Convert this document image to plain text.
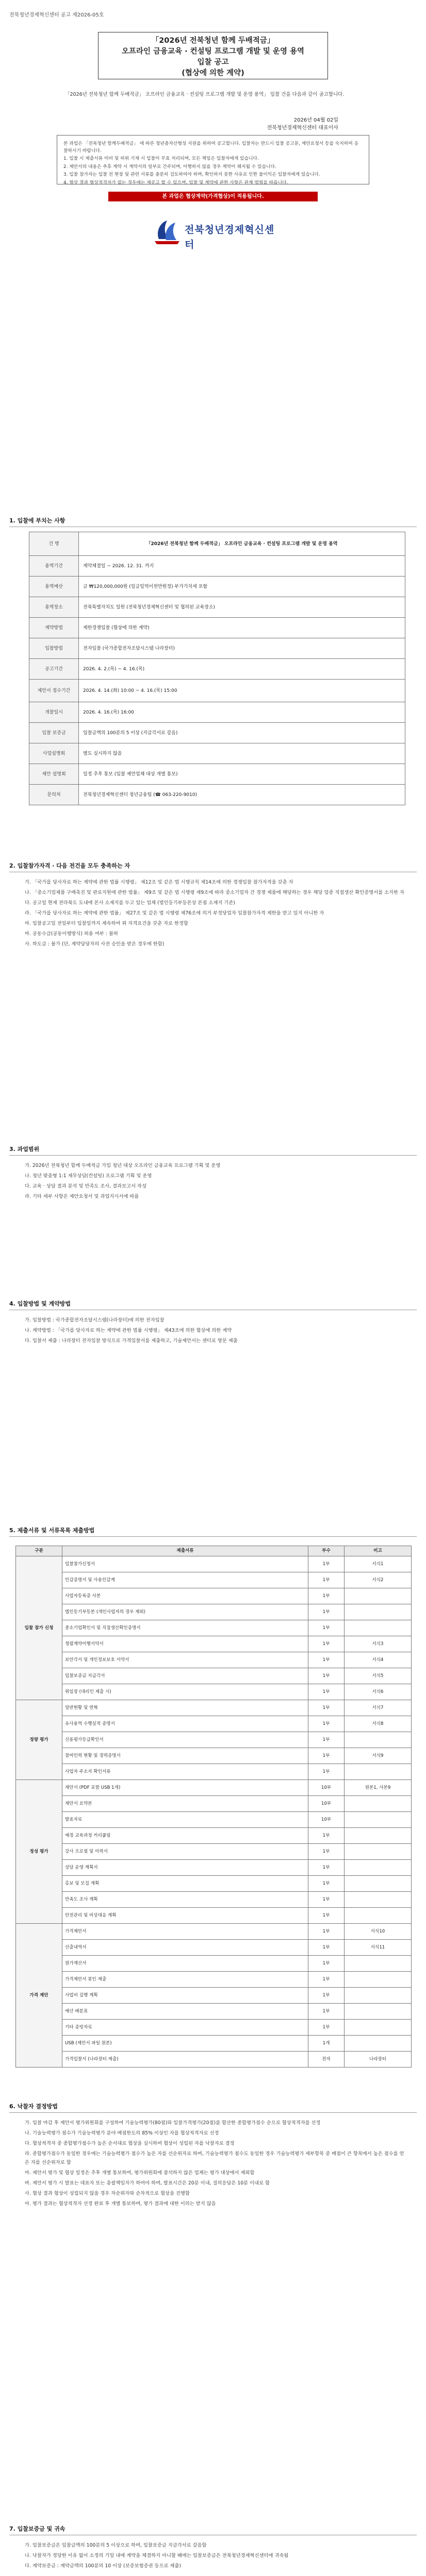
전북청년경제혁신센터 공고 제2026-05호
「2026년 전북청년 함께 두배적금」
오프라인 금융교육 · 컨설팅 프로그램 개발 및 운영 용역
입찰 공고
(협상에 의한 계약)
「2026년 전북청년 함께 두배적금」 오프라인 금융교육 · 컨설팅 프로그램 개발 및 운영 용역」 입찰 건을 다음과 같이 공고합니다.
2026년 04월 02일
전북청년경제혁신센터 대표이사

본 과업은 「전북청년 함께두배적금」 에 따른 청년층자산형성 지원을 위하여 공고합니다. 입찰자는 반드시 입찰 공고문, 제안요청서 등을 숙지하여 응찰하시기 바랍니다.

1. 입찰 시 제출서류 미비 및 허위 기재 시 입찰이 무효 처리되며, 모든 책임은 입찰자에게 있습니다.

2. 제안서의 내용은 추후 계약 시 계약서의 일부로 간주되며, 이행하지 않을 경우 계약이 해지될 수 있습니다.

3. 입찰 참가자는 입찰 전 현장 및 관련 서류를 충분히 검토하여야 하며, 확인하지 못한 사유로 인한 불이익은 입찰자에게 있습니다.

4. 협상 결과 협상적격자가 없는 경우에는 재공고 할 수 있으며, 입찰 및 계약에 관한 사항은 관계 법령을 따릅니다.

본 과업은 협상계약(가격협상)이 적용됩니다.
전북청년경제혁신센터
1. 입찰에 부치는 사항
건 명	「2026년 전북청년 함께 두배적금」 오프라인 금융교육 · 컨설팅 프로그램 개발 및 운영 용역
용역기간	계약체결일 ~ 2026. 12. 31. 까지
용역예산	금 ₩120,000,000원 (일금일억이천만원정) 부가가치세 포함
용역장소	전북특별자치도 일원 (전북청년경제혁신센터 및 협의된 교육장소)
계약방법	제한경쟁입찰 (협상에 의한 계약)
입찰방법	전자입찰 (국가종합전자조달시스템 나라장터)
공고기간	2026. 4. 2.(목) ~ 4. 16.(목)
제안서 접수기간	2026. 4. 14.(화) 10:00 ~ 4. 16.(목) 15:00
개찰일시	2026. 4. 16.(목) 16:00
입찰 보증금	입찰금액의 100분의 5 이상 (지급각서로 갈음)
사업설명회	별도 실시하지 않음
제안 설명회	일정 추후 통보 (입찰 제안업체 대상 개별 통보)
문의처	전북청년경제혁신센터 청년금융팀 (☎ 063-220-9010)
2. 입찰참가자격 · 다음 전건을 모두 충족하는 자

가. 「국가를 당사자로 하는 계약에 관한 법률 시행령」 제12조 및 같은 법 시행규칙 제14조에 의한 경쟁입찰 참가자격을 갖춘 자

나. 「중소기업제품 구매촉진 및 판로지원에 관한 법률」 제9조 및 같은 법 시행령 제9조에 따라 중소기업자 간 경쟁 제품에 해당하는 경우 해당 업종 직접생산 확인증명서를 소지한 자

다. 공고일 현재 전라북도 도내에 본사 소재지를 두고 있는 업체 (법인등기부등본상 본점 소재지 기준)

라. 「국가를 당사자로 하는 계약에 관한 법률」 제27조 및 같은 법 시행령 제76조에 의거 부정당업자 입찰참가자격 제한을 받고 있지 아니한 자

마. 입찰공고일 전일부터 입찰일까지 계속하여 위 자격요건을 갖춘 자로 한정함

바. 공동수급(공동이행방식) 허용 여부 : 불허

사. 하도급 : 불가 (단, 계약담당자의 사전 승인을 받은 경우에 한함)

3. 과업범위

가. 2026년 전북청년 함께 두배적금 가입 청년 대상 오프라인 금융교육 프로그램 기획 및 운영

나. 청년 맞춤형 1:1 재무상담(컨설팅) 프로그램 기획 및 운영

다. 교육 · 상담 결과 분석 및 만족도 조사, 결과보고서 작성

라. 기타 세부 사항은 제안요청서 및 과업지시서에 따름

4. 입찰방법 및 계약방법

가. 입찰방법 : 국가종합전자조달시스템(나라장터)에 의한 전자입찰

나. 계약방법 : 「국가를 당사자로 하는 계약에 관한 법률 시행령」 제43조에 의한 협상에 의한 계약

다. 입찰서 제출 : 나라장터 전자입찰 방식으로 가격입찰서를 제출하고, 기술제안서는 센터로 방문 제출

5. 제출서류 및 서류목록 제출방법
구분	제출서류	부수	비고
입찰 참가 신청	입찰참가신청서	1부	서식1
	인감증명서 및 사용인감계	1부	서식2
	사업자등록증 사본	1부	
	법인등기부등본 (개인사업자의 경우 제외)	1부	
	중소기업확인서 및 직접생산확인증명서	1부	
	청렴계약이행서약서	1부	서식3
	보안각서 및 개인정보보호 서약서	1부	서식4
	입찰보증금 지급각서	1부	서식5
	위임장 (대리인 제출 시)	1부	서식6
정량 평가	일반현황 및 연혁	1부	서식7
	유사용역 수행실적 증명서	1부	서식8
	신용평가등급확인서	1부	
	참여인력 현황 및 경력증명서	1부	서식9
	사업자 주소지 확인서류	1부	
정성 평가	제안서 (PDF 포함 USB 1개)	10부	원본1, 사본9
	제안서 요약본	10부	
	발표자료	10부	
	예정 교육과정 커리큘럼	1부	
	강사 프로필 및 이력서	1부	
	상담 운영 계획서	1부	
	홍보 및 모집 계획	1부	
	만족도 조사 계획	1부	
	안전관리 및 비상대응 계획	1부	
가격 제안	가격제안서	1부	서식10
	산출내역서	1부	서식11
	원가계산서	1부	
	가격제안서 봉인 제출	1부	
	사업비 집행 계획	1부	
	예산 배분표	1부	
	기타 증빙자료	1부	
	USB (제안서 파일 원본)	1개	
	가격입찰서 (나라장터 제출)	전자	나라장터
6. 낙찰자 결정방법

가. 입찰 마감 후 제안서 평가위원회를 구성하여 기술능력평가(80점)와 입찰가격평가(20점)를 합산한 종합평가점수 순으로 협상적격자를 선정

나. 기술능력평가 점수가 기술능력평가 분야 배점한도의 85% 이상인 자를 협상적격자로 선정

다. 협상적격자 중 종합평가점수가 높은 순서대로 협상을 실시하여 협상이 성립된 자를 낙찰자로 결정

라. 종합평가점수가 동일한 경우에는 기술능력평가 점수가 높은 자를 선순위자로 하며, 기술능력평가 점수도 동일한 경우 기술능력평가 세부항목 중 배점이 큰 항목에서 높은 점수를 얻은 자를 선순위자로 함

마. 제안서 평가 및 협상 일정은 추후 개별 통보하며, 평가위원회에 참석하지 않은 업체는 평가 대상에서 제외함

바. 제안서 평가 시 발표는 대표자 또는 총괄책임자가 하여야 하며, 발표시간은 20분 이내, 질의응답은 10분 이내로 함

사. 협상 결과 협상이 성립되지 않을 경우 차순위자와 순차적으로 협상을 진행함

아. 평가 결과는 협상적격자 선정 완료 후 개별 통보하며, 평가 결과에 대한 이의는 받지 않음

7. 입찰보증금 및 귀속

가. 입찰보증금은 입찰금액의 100분의 5 이상으로 하며, 입찰보증금 지급각서로 갈음함

나. 낙찰자가 정당한 이유 없이 소정의 기일 내에 계약을 체결하지 아니할 때에는 입찰보증금은 전북청년경제혁신센터에 귀속됨

다. 계약보증금 : 계약금액의 100분의 10 이상 (보증보험증권 등으로 제출)
